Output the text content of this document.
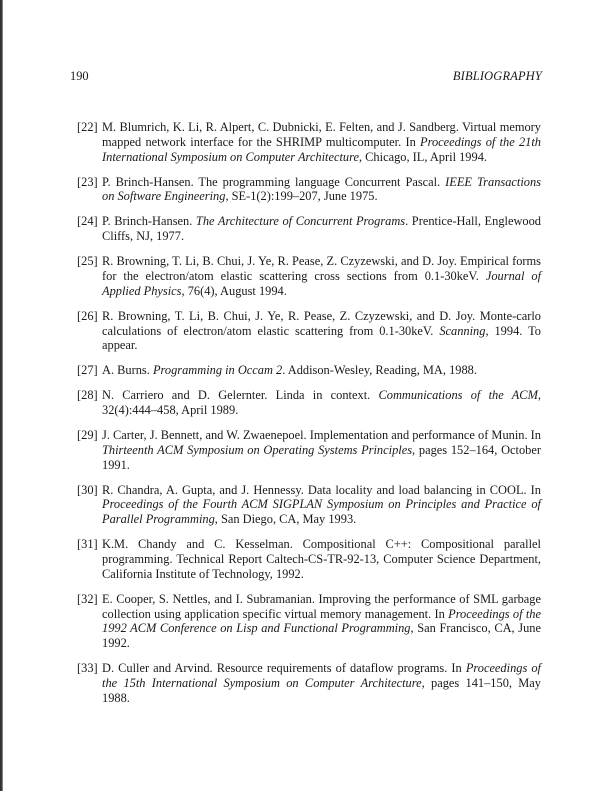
190	BIBLIOGRAPHY
[22] M. Blumrich, K. Li, R. Alpert, C. Dubnicki, E. Felten, and J. Sandberg. Virtual memory mapped network interface for the SHRIMP multicomputer. In Proceedings of the 21th International Symposium on Computer Architecture, Chicago, IL, April 1994.
[23] P. Brinch-Hansen. The programming language Concurrent Pascal. IEEE Transactions on Software Engineering, SE-1(2):199–207, June 1975.
[24] P. Brinch-Hansen. The Architecture of Concurrent Programs. Prentice-Hall, Englewood Cliffs, NJ, 1977.
[25] R. Browning, T. Li, B. Chui, J. Ye, R. Pease, Z. Czyzewski, and D. Joy. Empirical forms for the electron/atom elastic scattering cross sections from 0.1-30keV. Journal of Applied Physics, 76(4), August 1994.
[26] R. Browning, T. Li, B. Chui, J. Ye, R. Pease, Z. Czyzewski, and D. Joy. Monte-carlo calculations of electron/atom elastic scattering from 0.1-30keV. Scanning, 1994. To appear.
[27] A. Burns. Programming in Occam 2. Addison-Wesley, Reading, MA, 1988.
[28] N. Carriero and D. Gelernter. Linda in context. Communications of the ACM, 32(4):444–458, April 1989.
[29] J. Carter, J. Bennett, and W. Zwaenepoel. Implementation and performance of Munin. In Thirteenth ACM Symposium on Operating Systems Principles, pages 152–164, October 1991.
[30] R. Chandra, A. Gupta, and J. Hennessy. Data locality and load balancing in COOL. In Proceedings of the Fourth ACM SIGPLAN Symposium on Principles and Practice of Parallel Programming, San Diego, CA, May 1993.
[31] K.M. Chandy and C. Kesselman. Compositional C++: Compositional parallel programming. Technical Report Caltech-CS-TR-92-13, Computer Science Department, California Institute of Technology, 1992.
[32] E. Cooper, S. Nettles, and I. Subramanian. Improving the performance of SML garbage collection using application specific virtual memory management. In Proceedings of the 1992 ACM Conference on Lisp and Functional Programming, San Francisco, CA, June 1992.
[33] D. Culler and Arvind. Resource requirements of dataflow programs. In Proceedings of the 15th International Symposium on Computer Architecture, pages 141–150, May 1988.
